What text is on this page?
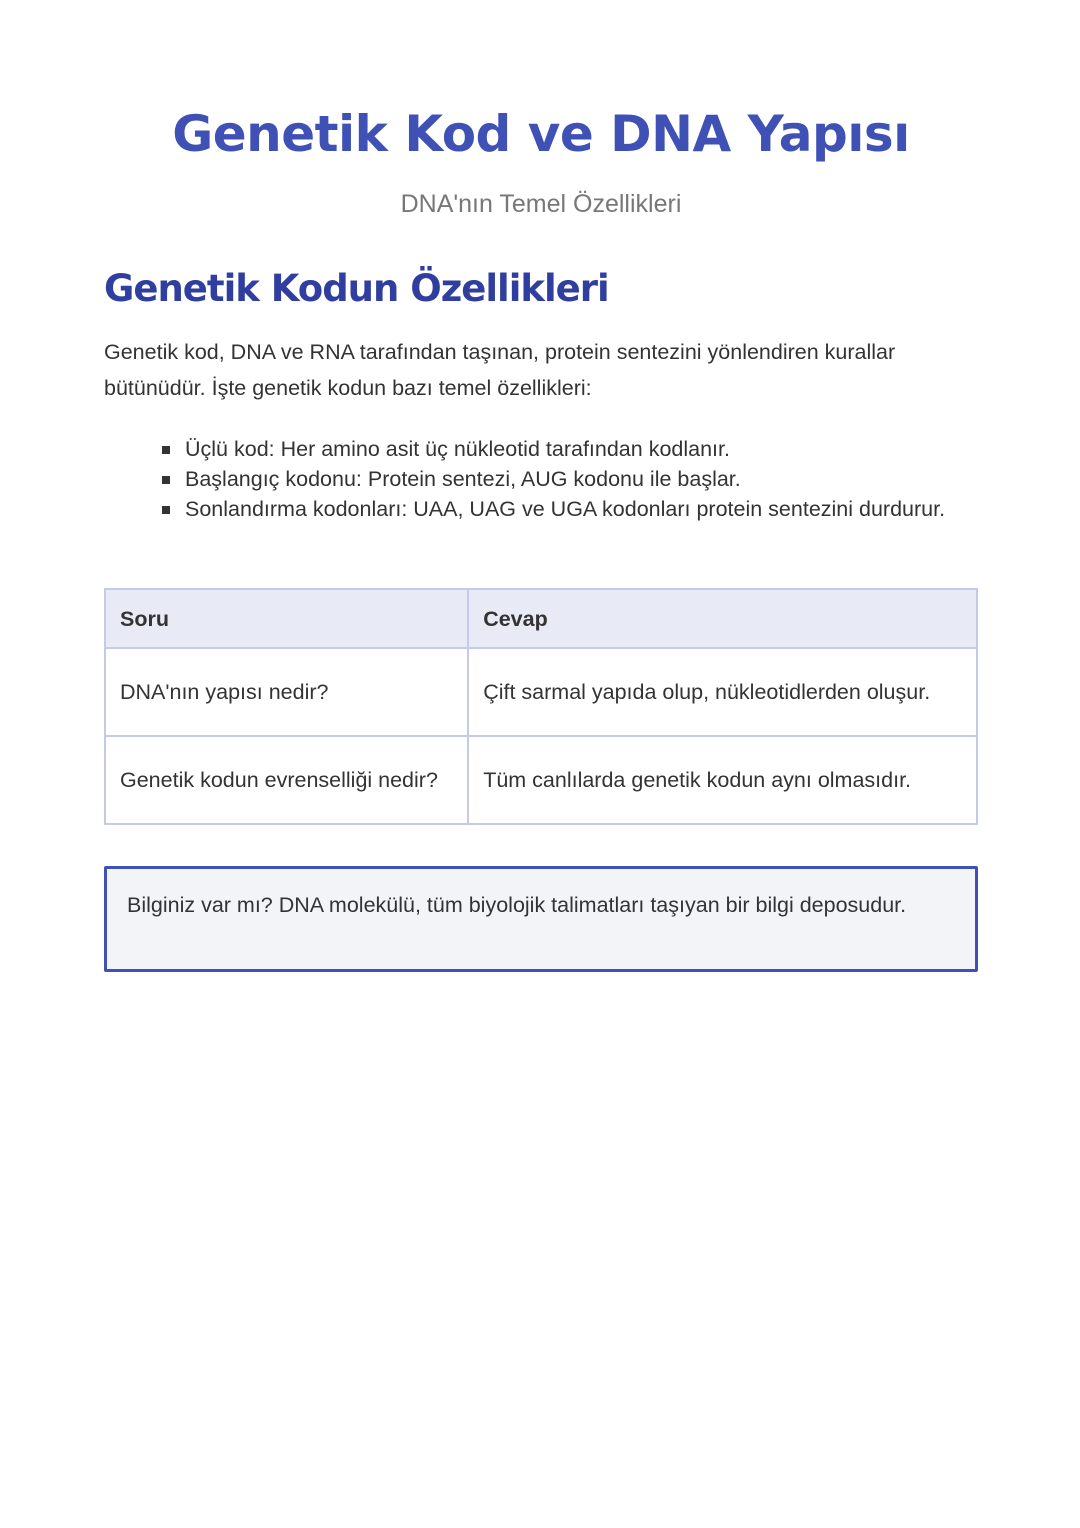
Genetik Kod ve DNA Yapısı
DNA'nın Temel Özellikleri
Genetik Kodun Özellikleri

Genetik kod, DNA ve RNA tarafından taşınan, protein sentezini yönlendiren kurallar bütünüdür. İşte genetik kodun bazı temel özellikleri:

Üçlü kod: Her amino asit üç nükleotid tarafından kodlanır.
Başlangıç kodonu: Protein sentezi, AUG kodonu ile başlar.
Sonlandırma kodonları: UAA, UAG ve UGA kodonları protein sentezini durdurur.
Soru	Cevap
DNA'nın yapısı nedir?	Çift sarmal yapıda olup, nükleotidlerden oluşur.
Genetik kodun evrenselliği nedir?	Tüm canlılarda genetik kodun aynı olmasıdır.
Bilginiz var mı? DNA molekülü, tüm biyolojik talimatları taşıyan bir bilgi deposudur.
